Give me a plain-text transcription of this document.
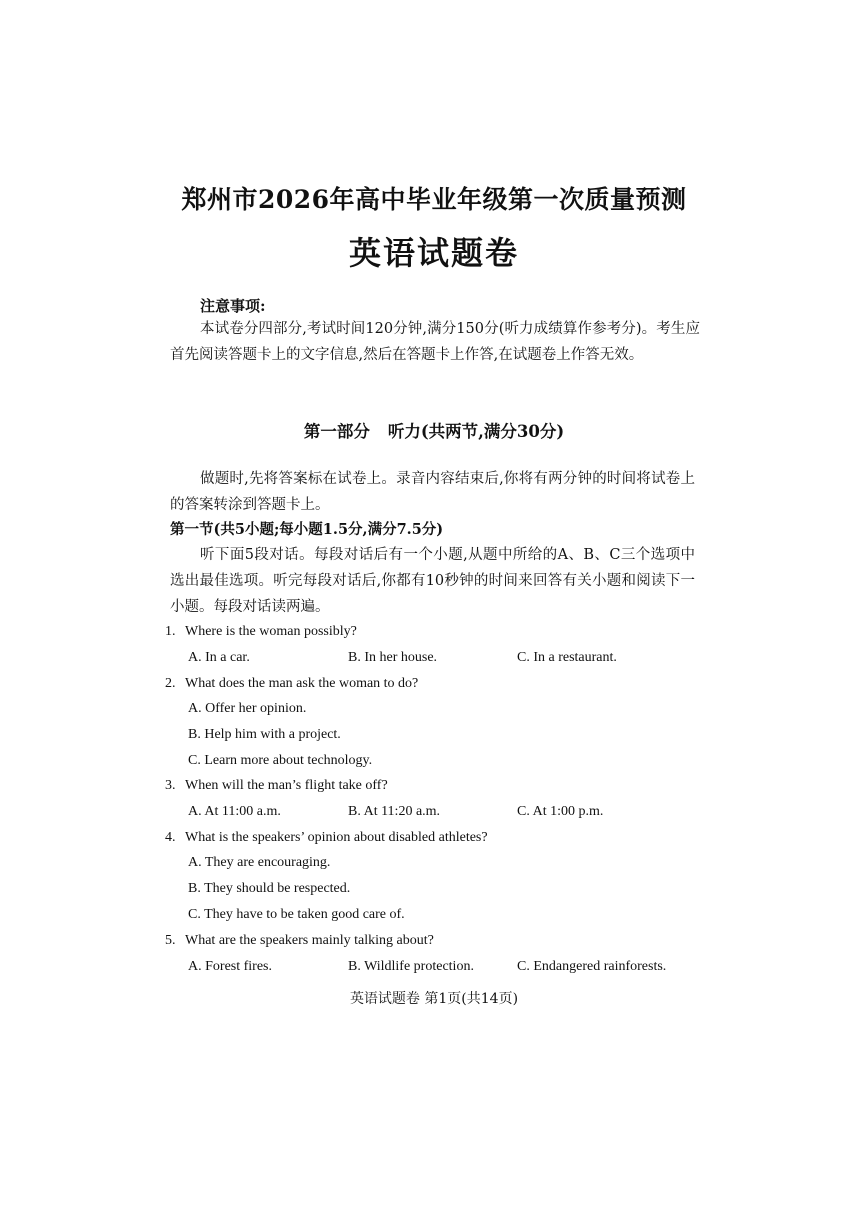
郑州市2026年高中毕业年级第一次质量预测
英语试题卷
注意事项:
本试卷分四部分,考试时间120分钟,满分150分(听力成绩算作参考分)。考生应首先阅读答题卡上的文字信息,然后在答题卡上作答,在试题卷上作答无效。
第一部分 听力(共两节,满分30分)
做题时,先将答案标在试卷上。录音内容结束后,你将有两分钟的时间将试卷上的答案转涂到答题卡上。
第一节(共5小题;每小题1.5分,满分7.5分)
听下面5段对话。每段对话后有一个小题,从题中所给的A、B、C三个选项中选出最佳选项。听完每段对话后,你都有10秒钟的时间来回答有关小题和阅读下一小题。每段对话读两遍。
1. Where is the woman possibly?
A. In a car.	B. In her house.	C. In a restaurant.
2. What does the man ask the woman to do?
A. Offer her opinion.
B. Help him with a project.
C. Learn more about technology.
3. When will the man’s flight take off?
A. At 11:00 a.m.	B. At 11:20 a.m.	C. At 1:00 p.m.
4. What is the speakers’ opinion about disabled athletes?
A. They are encouraging.
B. They should be respected.
C. They have to be taken good care of.
5. What are the speakers mainly talking about?
A. Forest fires.	B. Wildlife protection.	C. Endangered rainforests.
英语试题卷 第1页(共14页)
